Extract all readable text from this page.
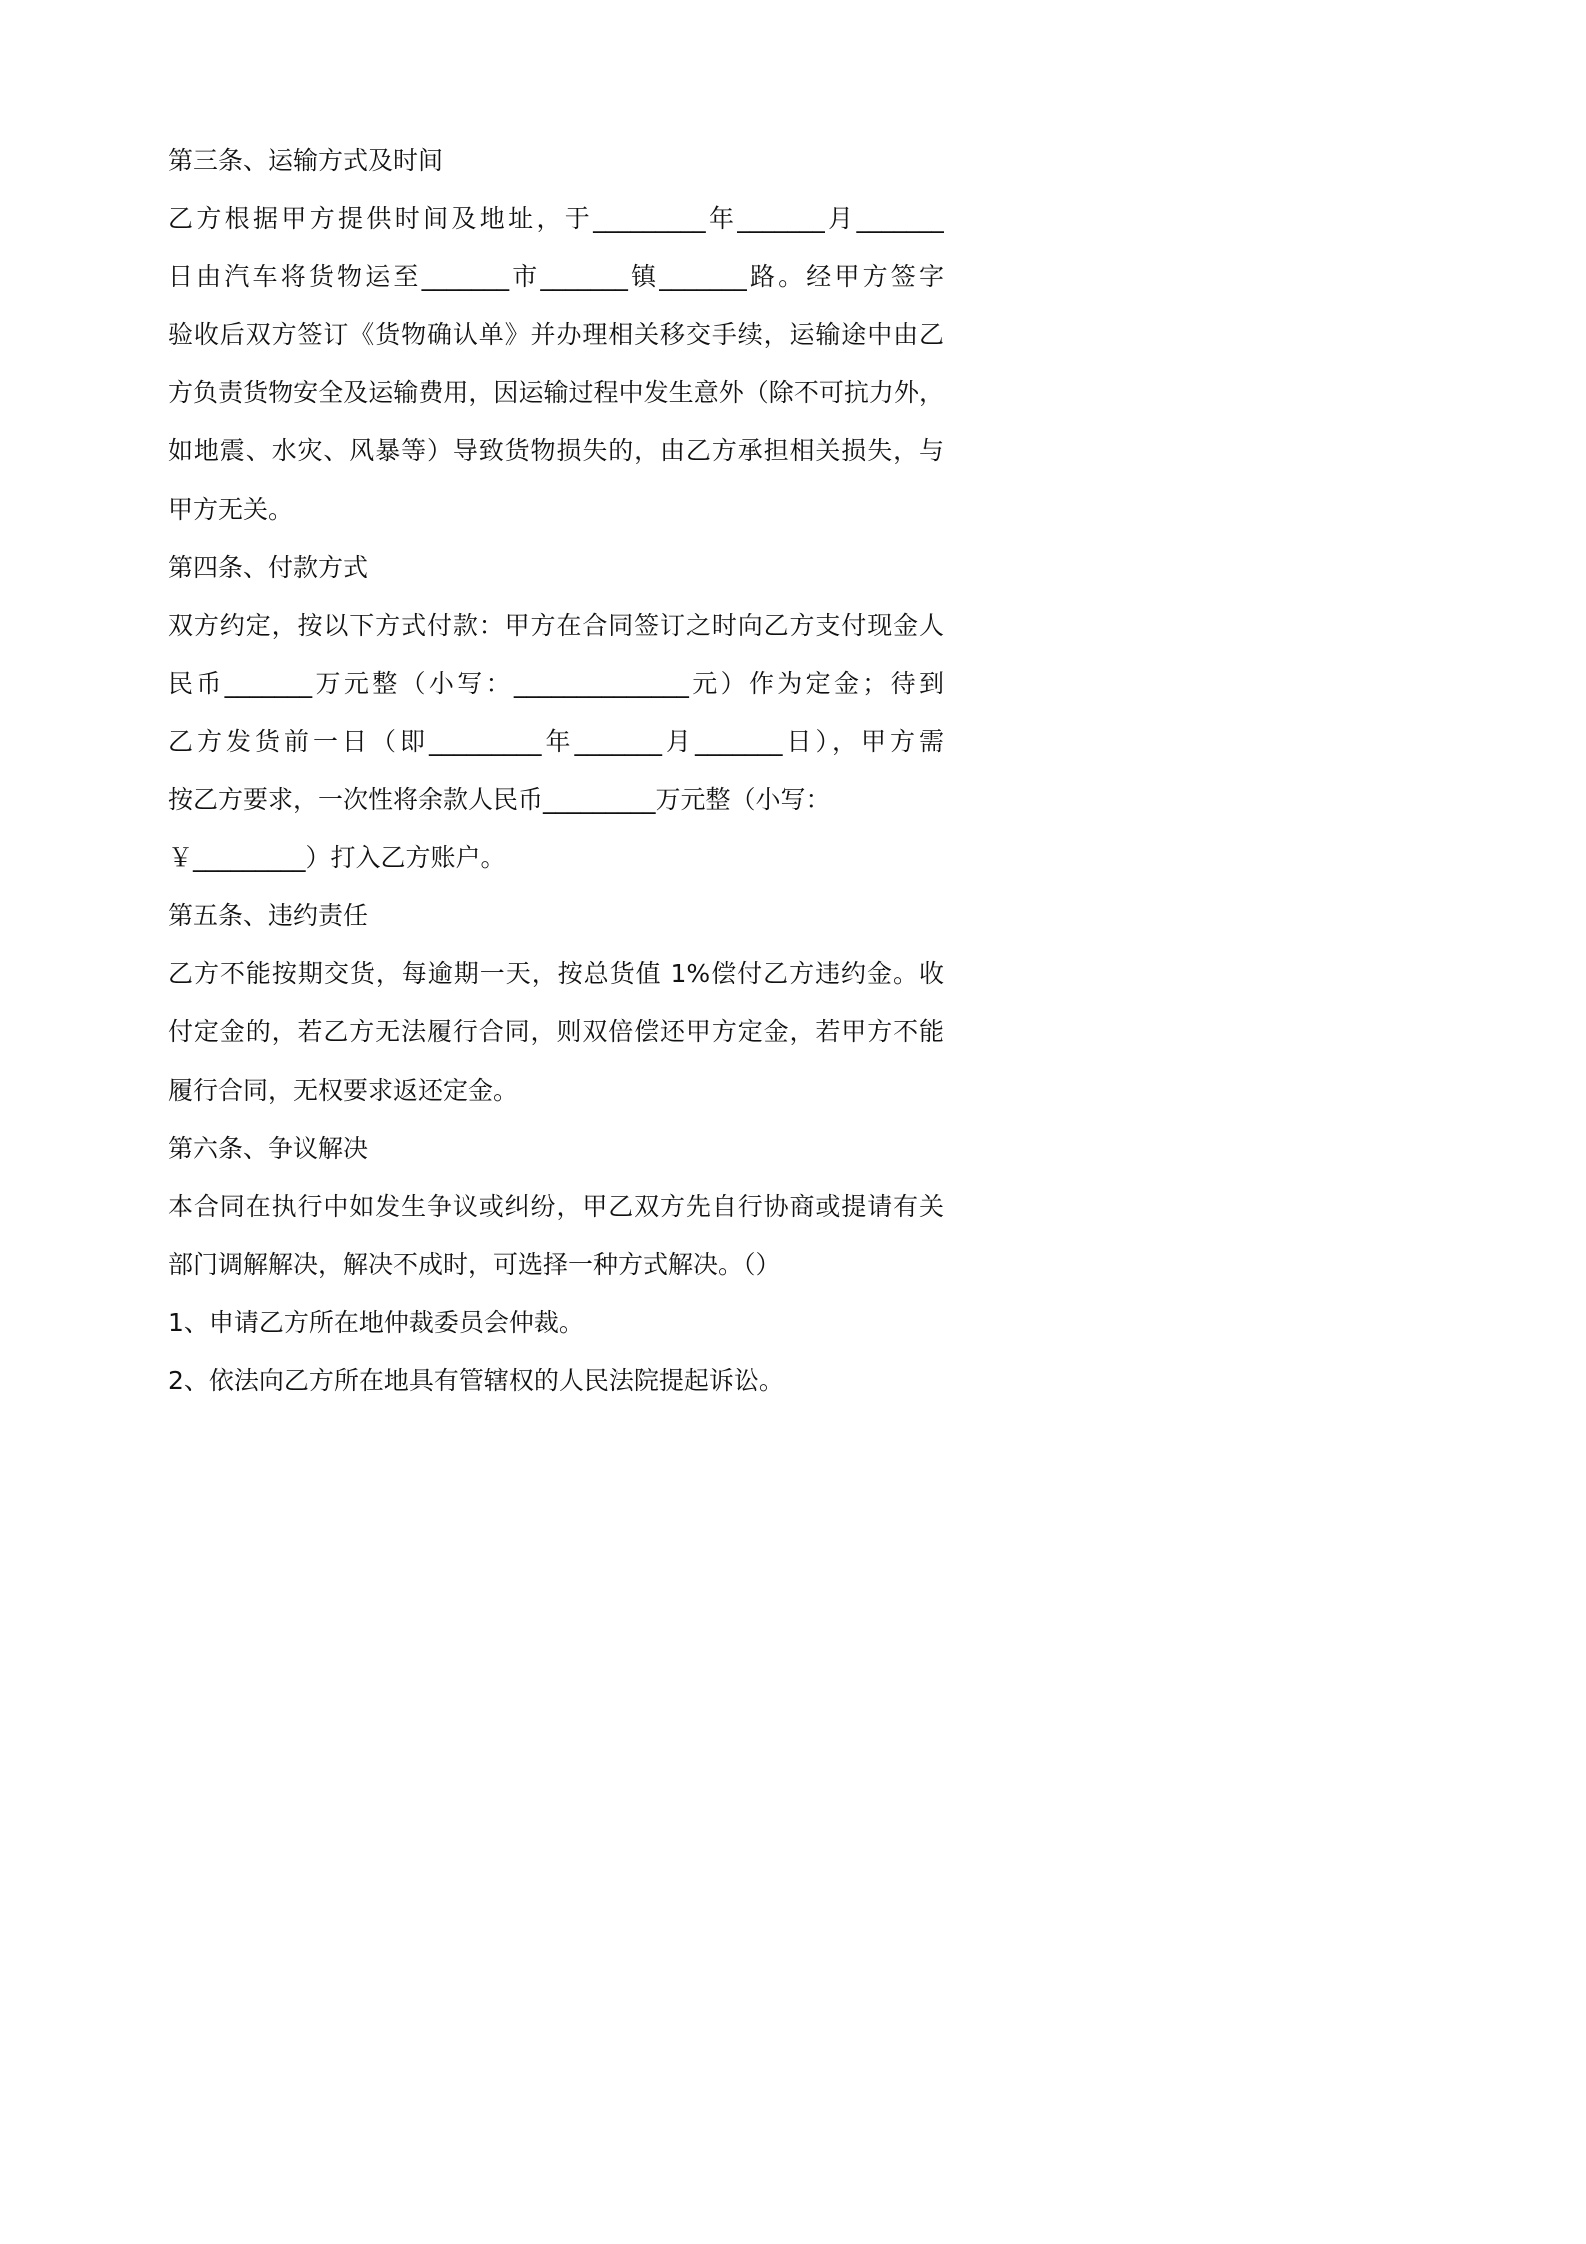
第三条、运输方式及时间
乙方根据甲方提供时间及地址，于_________年_______月_______
日由汽车将货物运至_______市_______镇_______路。经甲方签字
验收后双方签订《货物确认单》并办理相关移交手续，运输途中由乙
方负责货物安全及运输费用，因运输过程中发生意外（除不可抗力外，
如地震、水灾、风暴等）导致货物损失的，由乙方承担相关损失，与
甲方无关。
第四条、付款方式
双方约定，按以下方式付款：甲方在合同签订之时向乙方支付现金人
民币_______万元整（小写：______________元）作为定金；待到
乙方发货前一日（即_________年_______月_______日），甲方需
按乙方要求，一次性将余款人民币_________万元整（小写：
￥_________）打入乙方账户。
第五条、违约责任
乙方不能按期交货，每逾期一天，按总货值 1%偿付乙方违约金。收
付定金的，若乙方无法履行合同，则双倍偿还甲方定金，若甲方不能
履行合同，无权要求返还定金。
第六条、争议解决
本合同在执行中如发生争议或纠纷，甲乙双方先自行协商或提请有关
部门调解解决，解决不成时，可选择一种方式解决。（）
1、申请乙方所在地仲裁委员会仲裁。
2、依法向乙方所在地具有管辖权的人民法院提起诉讼。
